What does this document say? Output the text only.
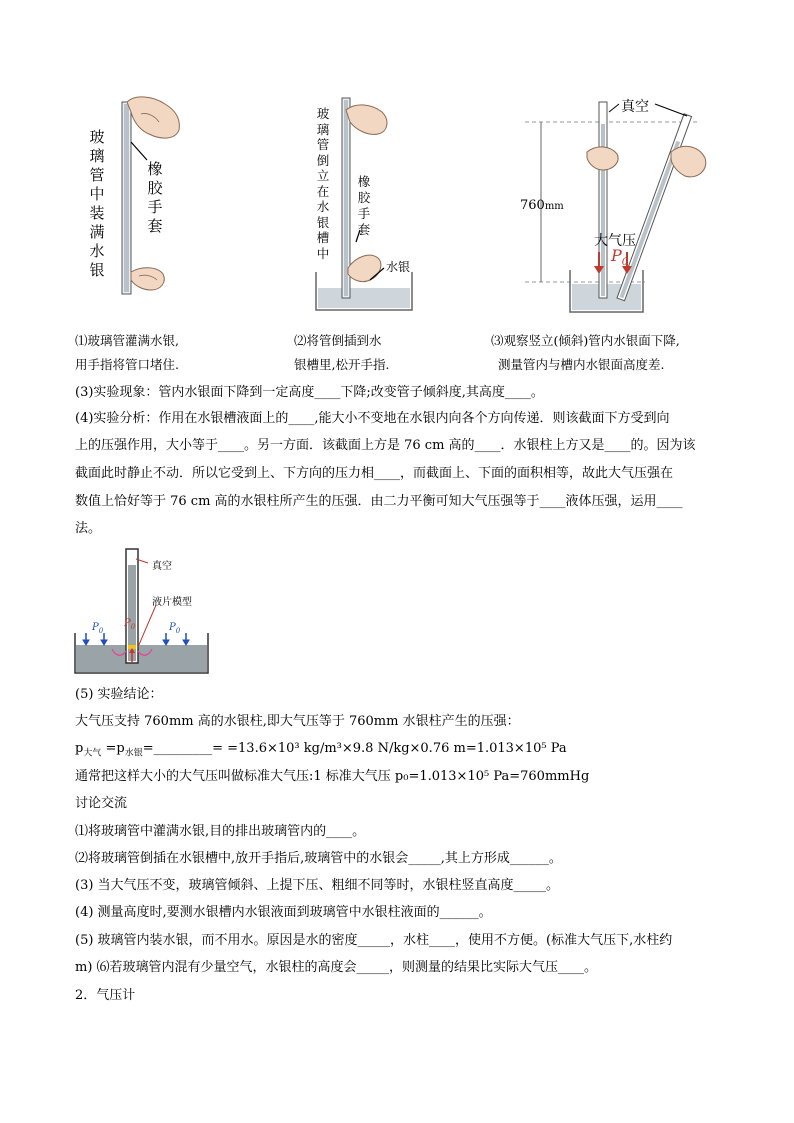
玻
璃
管
中
装
满
水
银
橡
胶
手
套
玻
璃
管
倒
立
在
水
银
槽
中
橡
胶
手
套
水银
真空
760mm
大气压
$P_0$
⑴玻璃管灌满水银,
用手指将管口堵住.
⑵将管倒插到水
银槽里,松开手指.
⑶观察竖立(倾斜)管内水银面下降,
测量管内与槽内水银面高度差.
(3)实验现象：管内水银面下降到一定高度____下降;改变管子倾斜度,其高度____。
(4)实验分析：作用在水银槽液面上的____,能大小不变地在水银内向各个方向传递．则该截面下方受到向
上的压强作用，大小等于____。另一方面．该截面上方是 76 cm 高的____．水银柱上方又是____的。因为该
截面此时静止不动．所以它受到上、下方向的压力相____，而截面上、下面的面积相等，故此大气压强在
数值上恰好等于 76 cm 高的水银柱所产生的压强．由二力平衡可知大气压强等于____液体压强，运用____
法。
真空
液片模型
$P_0$	$P_0$
$P_0$
(5) 实验结论：
大气压支持 760mm 高的水银柱,即大气压等于 760mm 水银柱产生的压强：
$p_{大气}$ $=p_{水银}=\_\_\_\_\_\_\_\_\_= =13.6\times 10^3$ kg/m³×9.8 N/kg×0.76 m=1.013×10⁵ Pa
通常把这样大小的大气压叫做标准大气压:1 标准大气压 p₀=1.013×10⁵ Pa=760mmHg
讨论交流
⑴将玻璃管中灌满水银,目的排出玻璃管内的____。
⑵将玻璃管倒插在水银槽中,放开手指后,玻璃管中的水银会_____,其上方形成______。
(3) 当大气压不变，玻璃管倾斜、上提下压、粗细不同等时，水银柱竖直高度_____。
(4) 测量高度时,要测水银槽内水银液面到玻璃管中水银柱液面的______。
(5) 玻璃管内装水银，而不用水。原因是水的密度_____，水柱____，使用不方便。(标准大气压下,水柱约
m) ⑹若玻璃管内混有少量空气，水银柱的高度会_____，则测量的结果比实际大气压____。
2．气压计
